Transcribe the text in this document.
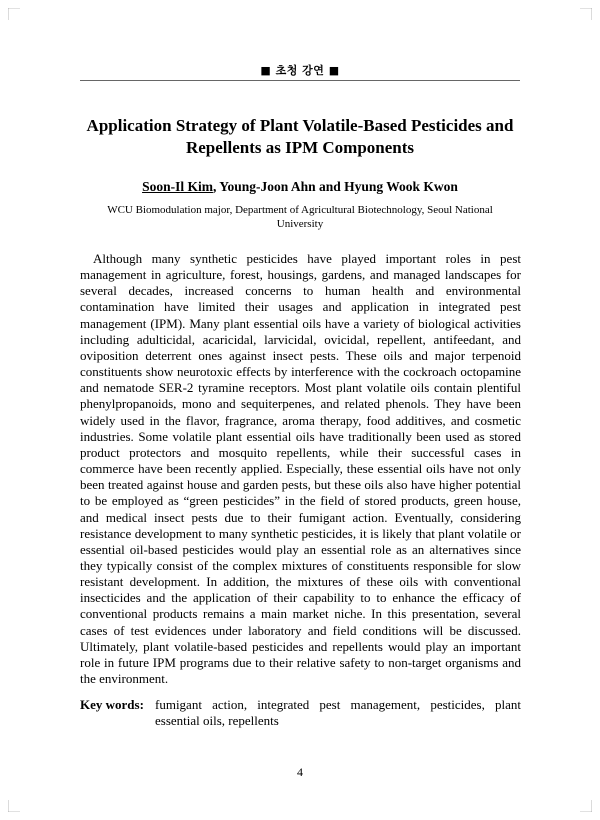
■ 초청 강연 ■
Application Strategy of Plant Volatile-Based Pesticides and Repellents as IPM Components
Soon-Il Kim, Young-Joon Ahn and Hyung Wook Kwon
WCU Biomodulation major, Department of Agricultural Biotechnology, Seoul National University

Although many synthetic pesticides have played important roles in pest management in agriculture, forest, housings, gardens, and managed landscapes for several decades, increased concerns to human health and environmental contamination have limited their usages and application in integrated pest management (IPM). Many plant essential oils have a variety of biological activities including adulticidal, acaricidal, larvicidal, ovicidal, repellent, antifeedant, and oviposition deterrent ones against insect pests. These oils and major terpenoid constituents show neurotoxic effects by interference with the cockroach octopamine and nematode SER-2 tyramine receptors. Most plant volatile oils contain plentiful phenylpropanoids, mono and sequiterpenes, and related phenols. They have been widely used in the flavor, fragrance, aroma therapy, food additives, and cosmetic industries. Some volatile plant essential oils have traditionally been used as stored product protectors and mosquito repellents, while their successful cases in commerce have been recently applied. Especially, these essential oils have not only been treated against house and garden pests, but these oils also have higher potential to be employed as “green pesticides” in the field of stored products, green house, and medical insect pests due to their fumigant action. Eventually, considering resistance development to many synthetic pesticides, it is likely that plant volatile or essential oil-based pesticides would play an essential role as an alternatives since they typically consist of the complex mixtures of constituents responsible for slow resistant development. In addition, the mixtures of these oils with conventional insecticides and the application of their capability to to enhance the efficacy of conventional products remains a main market niche. In this presentation, several cases of test evidences under laboratory and field conditions will be discussed. Ultimately, plant volatile-based pesticides and repellents would play an important role in future IPM programs due to their relative safety to non-target organisms and the environment.

Key words: fumigant action, integrated pest management, pesticides, plant essential oils, repellents
4
